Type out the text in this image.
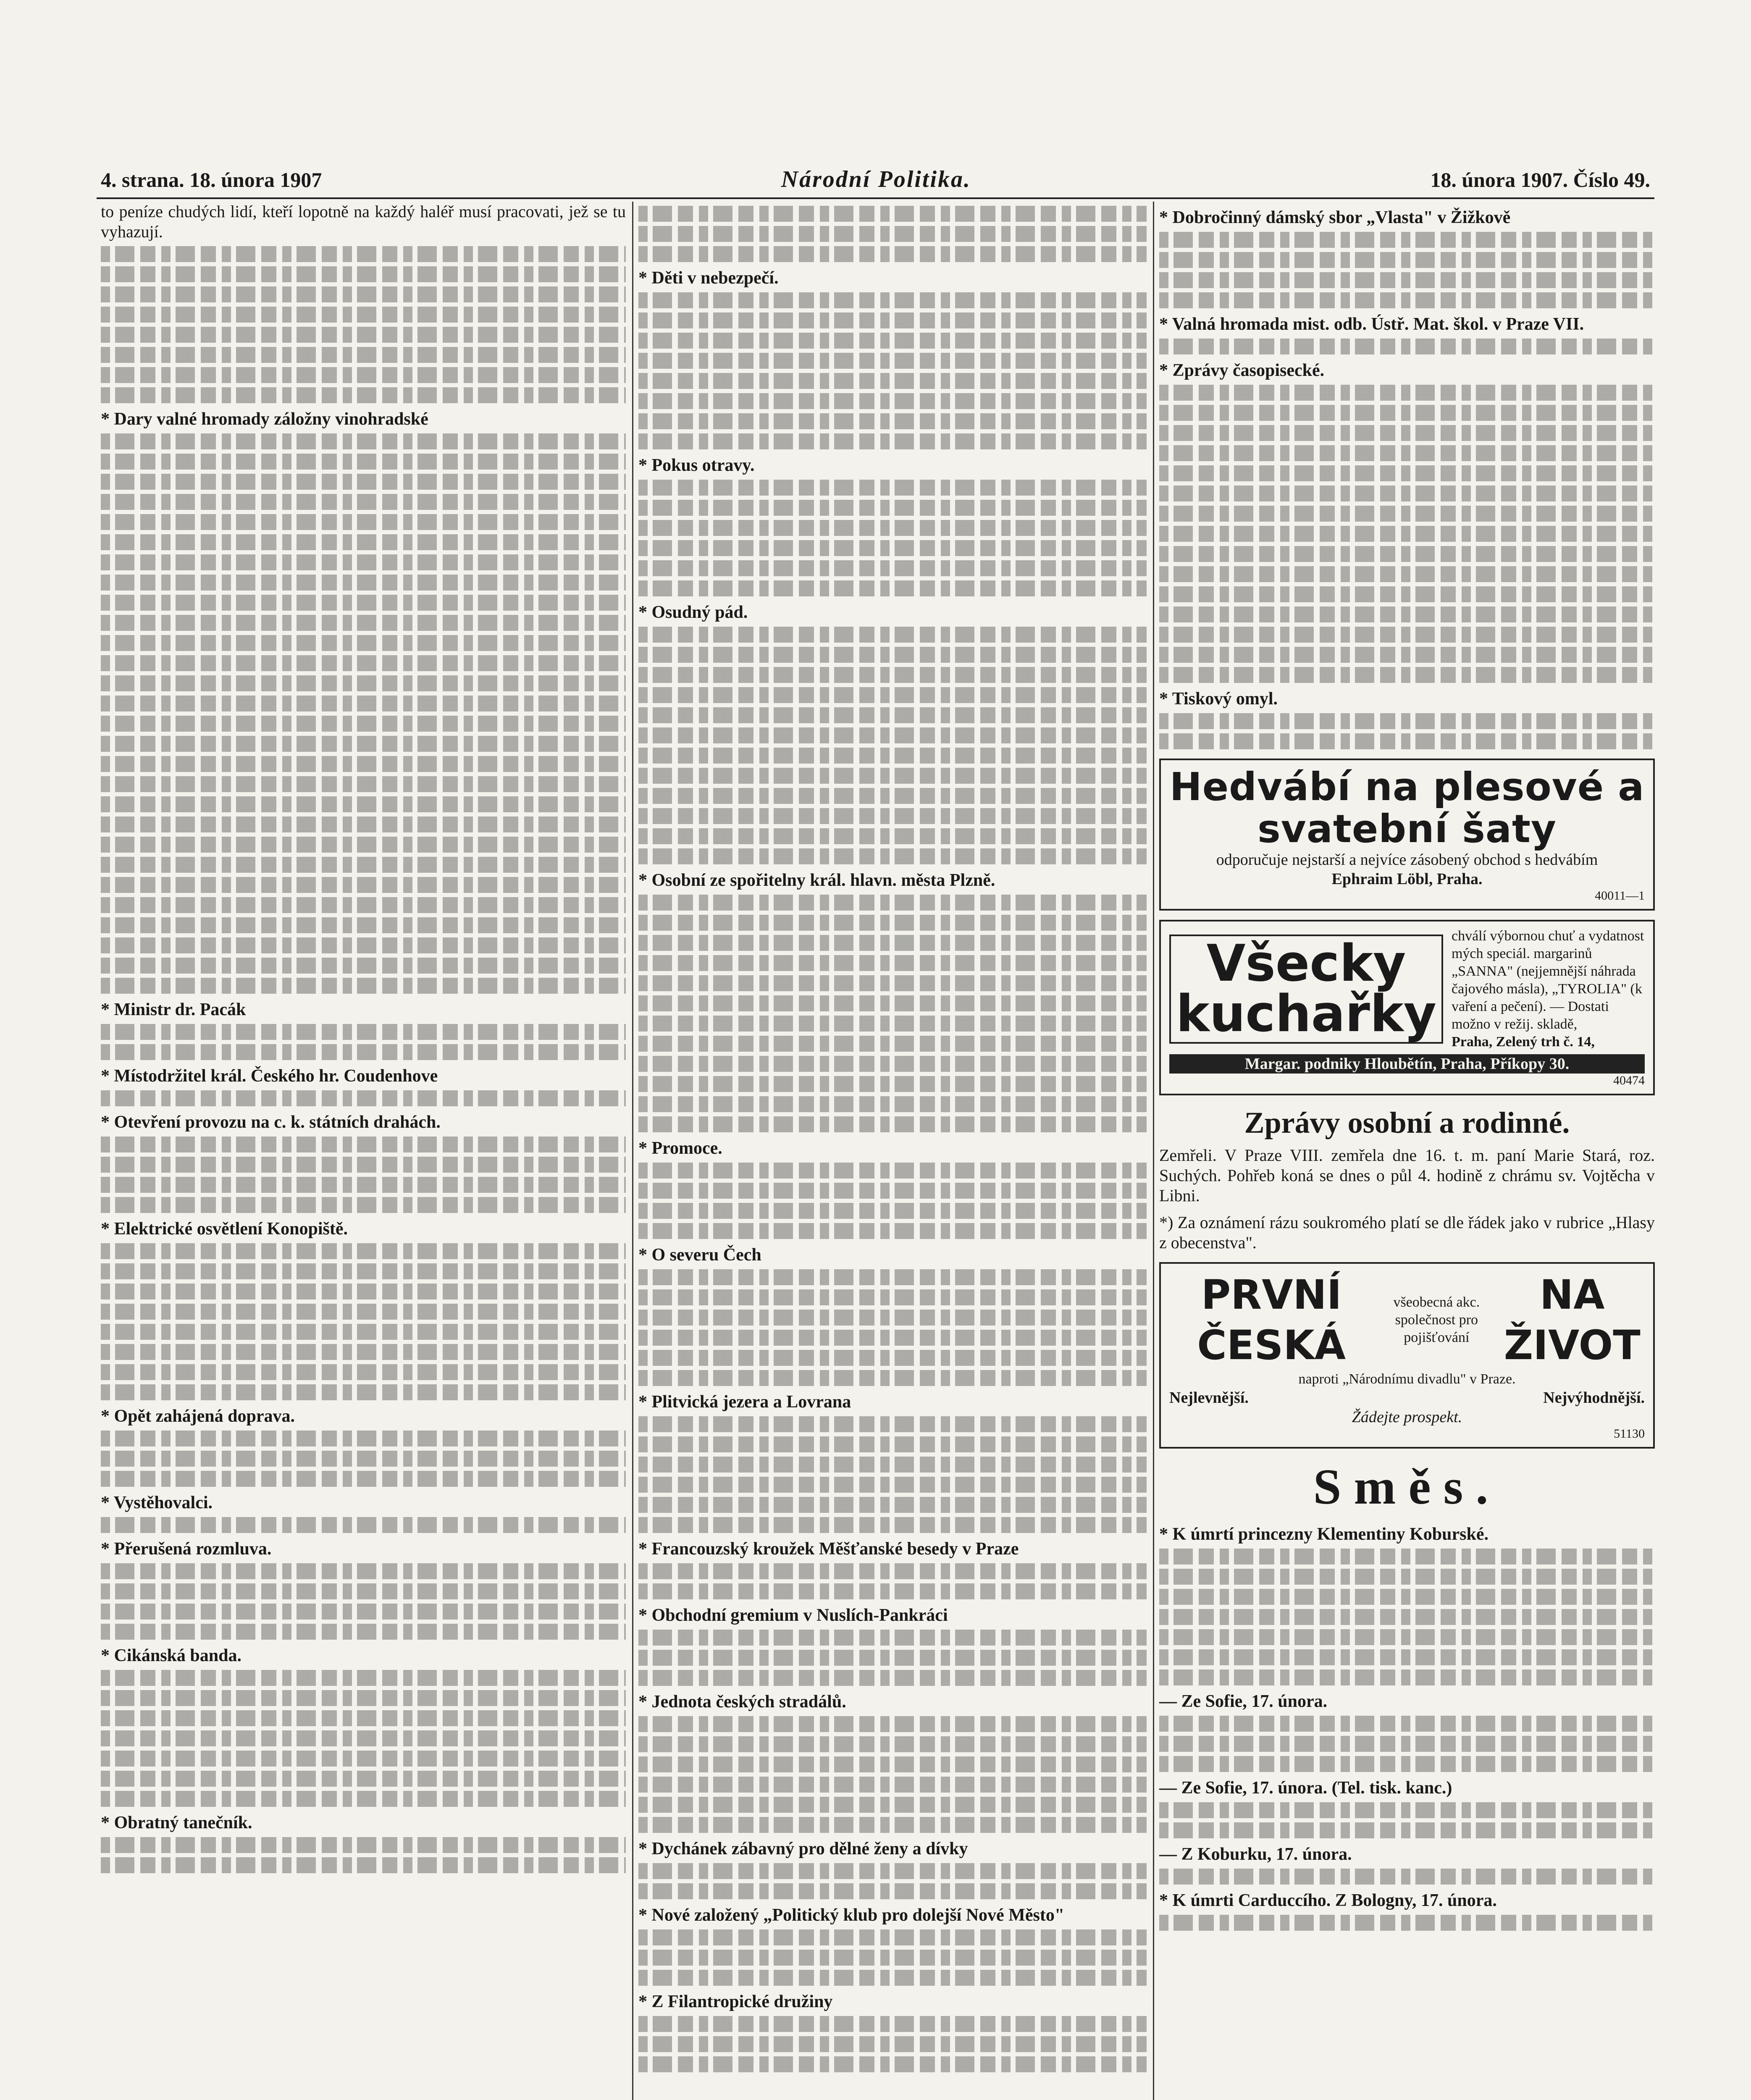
4. strana. 18. února 1907	Národní Politika.	18. února 1907. Číslo 49.

to peníze chudých lidí, kteří lopotně na každý haléř musí pracovati, jež se tu vyhazují.

* Dary valné hromady záložny vinohradské
* Ministr dr. Pacák
* Místodržitel král. Českého hr. Coudenhove
* Otevření provozu na c. k. státních drahách.
* Elektrické osvětlení Konopiště.
* Opět zahájená doprava.
* Vystěhovalci.
* Přerušená rozmluva.
* Cikánská banda.
* Obratný tanečník.
* Děti v nebezpečí.
* Pokus otravy.
* Osudný pád.
* Osobní ze spořitelny král. hlavn. města Plzně.
* Promoce.
* O severu Čech
* Plitvická jezera a Lovrana
* Francouzský kroužek Měšťanské besedy v Praze
* Obchodní gremium v Nuslích-Pankráci
* Jednota českých stradálů.
* Dychánek zábavný pro dělné ženy a dívky
* Nové založený „Politický klub pro dolejší Nové Město"
* Z Filantropické družiny
* Dobročinný dámský sbor „Vlasta" v Žižkově
* Valná hromada mist. odb. Ústř. Mat. škol. v Praze VII.
* Zprávy časopisecké.
* Tiskový omyl.
Hedvábí na plesové a svatební šaty
odporučuje nejstarší a nejvíce zásobený obchod s hedvábím
Ephraim Löbl, Praha.
40011—1
Všecky
kuchařky
chválí výbornou chuť a vydatnost mých speciál. margarinů „SANNA" (nejjemnější náhrada čajového másla), „TYROLIA" (k vaření a pečení). — Dostati možno v režij. skladě,
Praha, Zelený trh č. 14,
Margar. podniky Hloubětín, Praha, Příkopy 30.
40474
Zprávy osobní a rodinné.

Zemřeli. V Praze VIII. zemřela dne 16. t. m. paní Marie Stará, roz. Suchých. Pohřeb koná se dnes o půl 4. hodině z chrámu sv. Vojtěcha v Libni.

*) Za oznámení rázu soukromého platí se dle řádek jako v rubrice „Hlasy z obecenstva".

PRVNÍ ČESKÁ
všeobecná akc. společnost pro pojišťování
NA ŽIVOT
naproti „Národnímu divadlu" v Praze.
Nejlevnější.	Nejvýhodnější.
Žádejte prospekt.
51130
Směs.
* K úmrtí princezny Klementiny Koburské.
— Ze Sofie, 17. února.
— Ze Sofie, 17. února. (Tel. tisk. kanc.)
— Z Koburku, 17. února.
* K úmrti Carduccího. Z Bologny, 17. února.
